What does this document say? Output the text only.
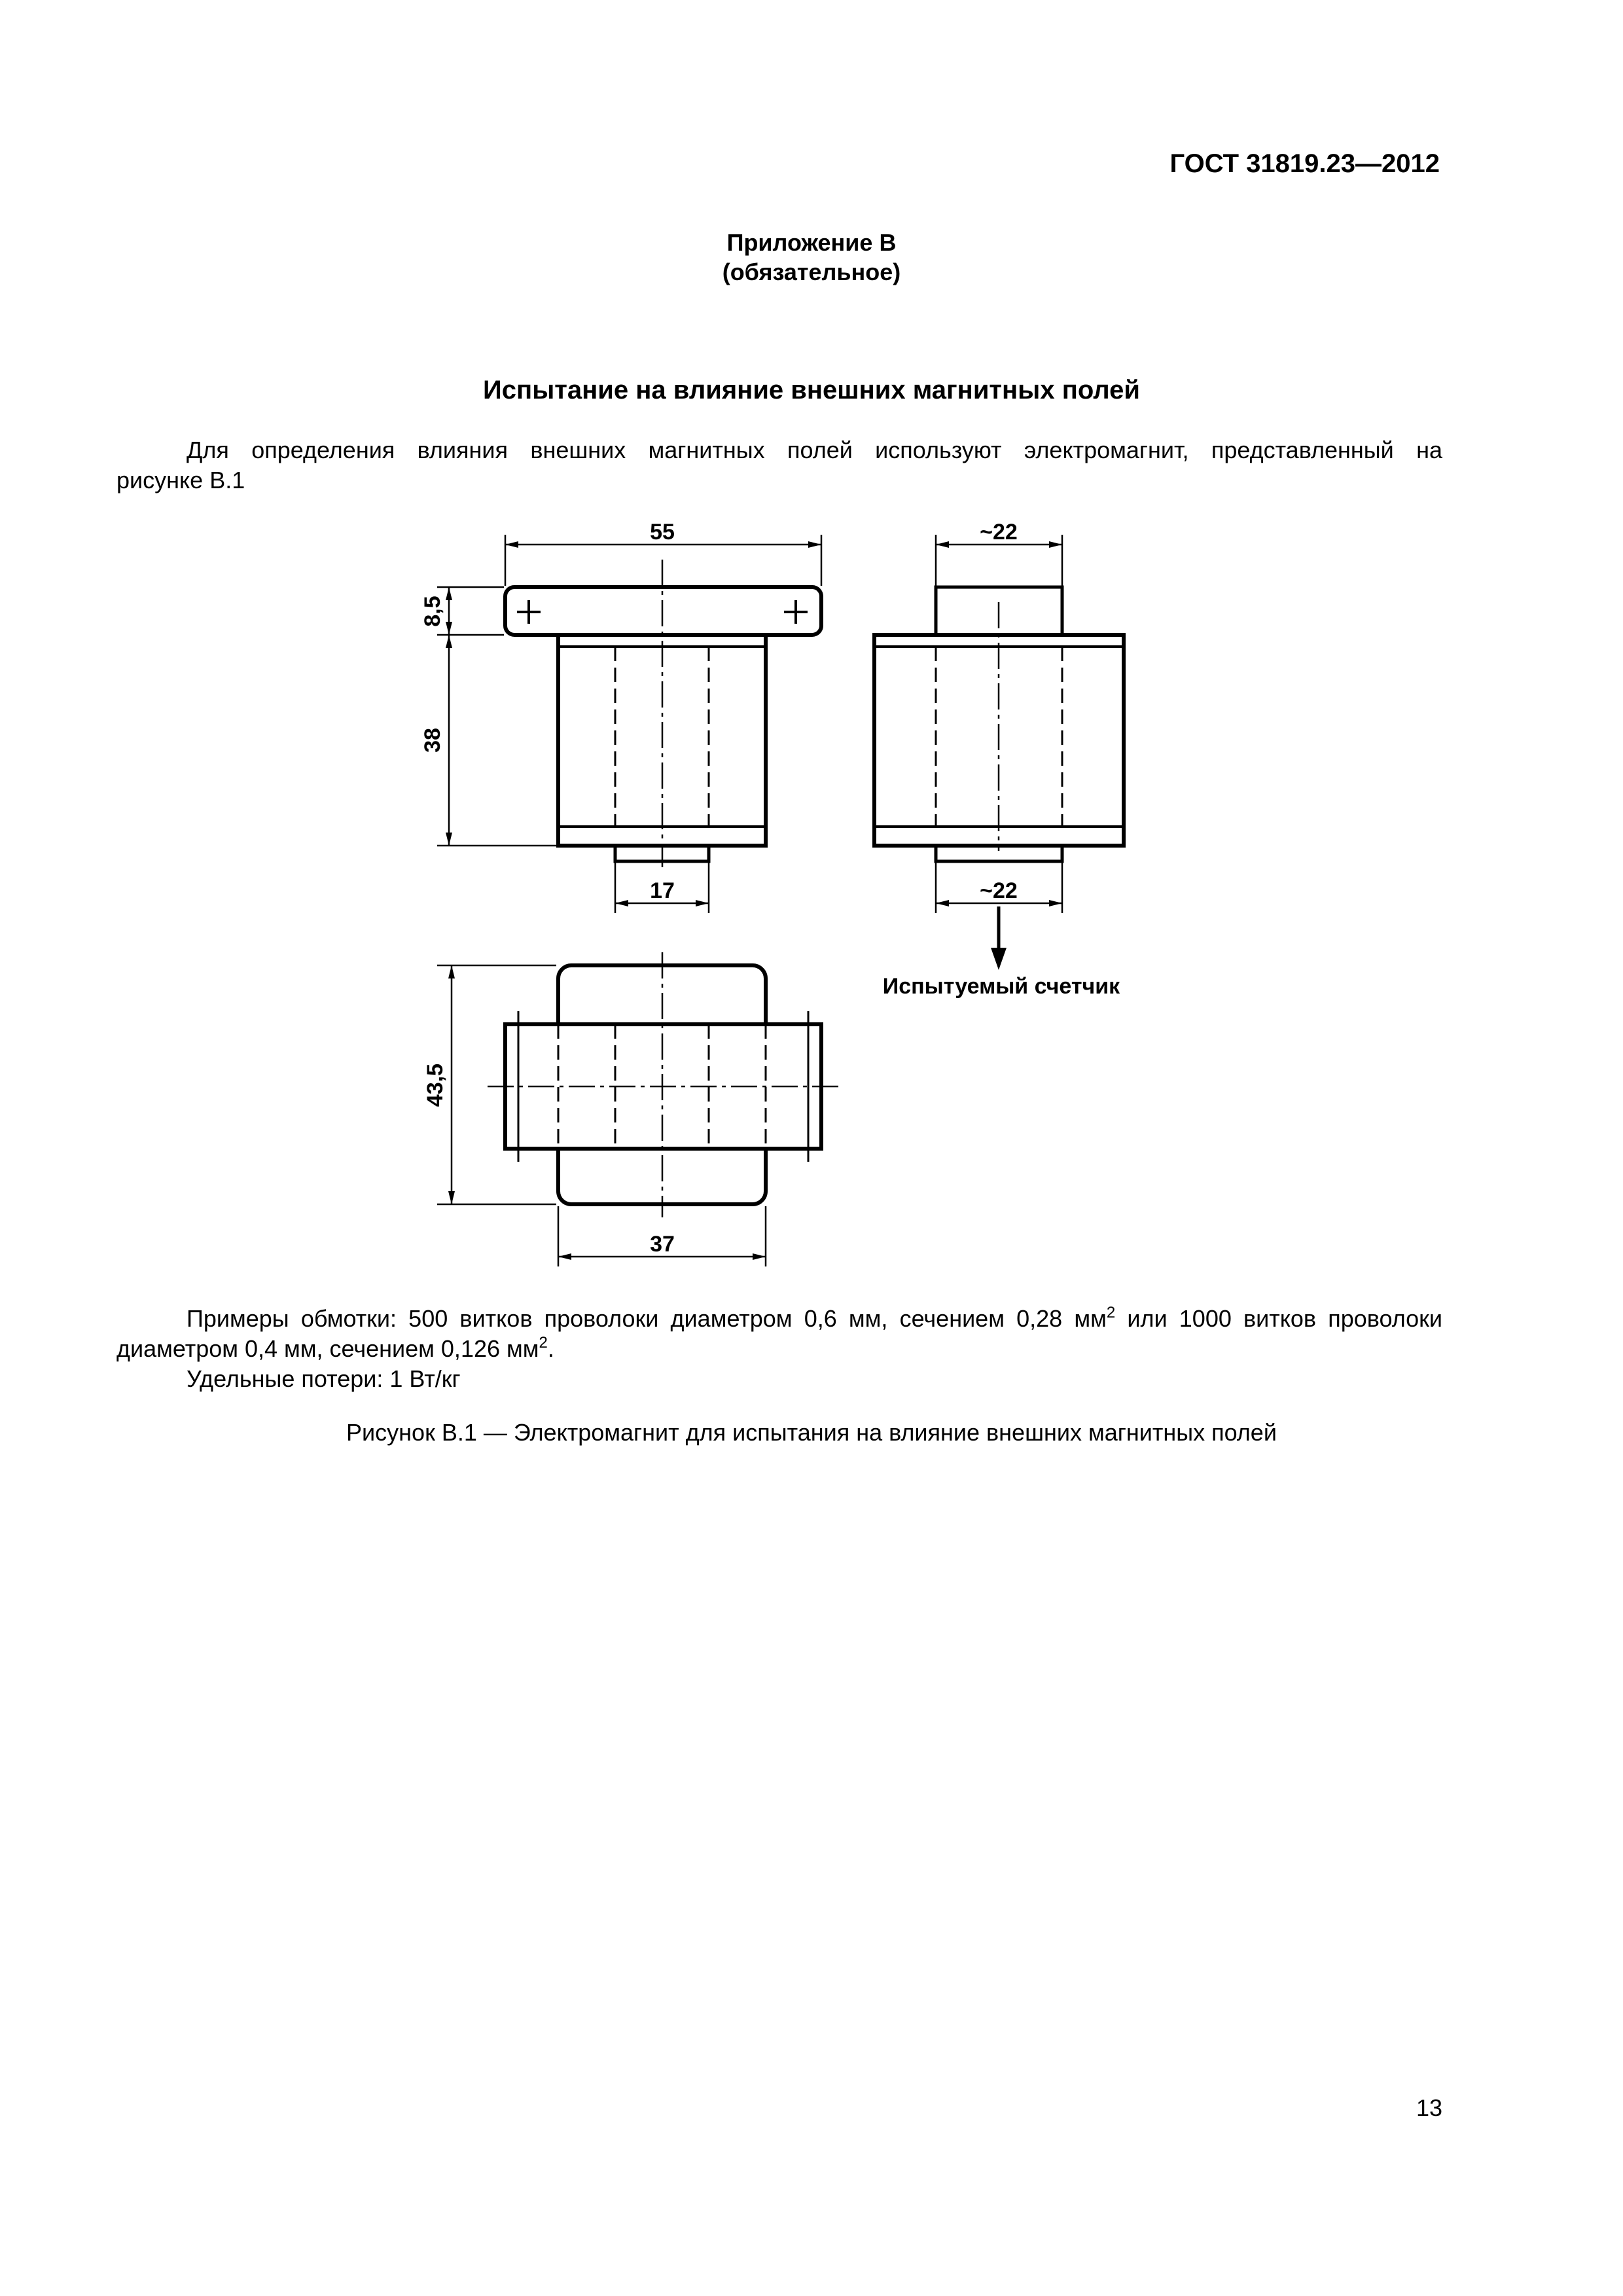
ГОСТ 31819.23—2012
Приложение В
(обязательное)
Испытание на влияние внешних магнитных полей
Для определения влияния внешних магнитных полей используют электромагнит, представленный на
рисунке В.1
55
8,5
38
17
~22
~22
Испытуемый счетчик
43,5
37
Примеры обмотки: 500 витков проволоки диаметром 0,6 мм, сечением 0,28 $мм^2$ или 1000 витков проволоки
диаметром 0,4 мм, сечением 0,126 $мм^2$.
Удельные потери: 1 Вт/кг
Рисунок В.1 — Электромагнит для испытания на влияние внешних магнитных полей
13
